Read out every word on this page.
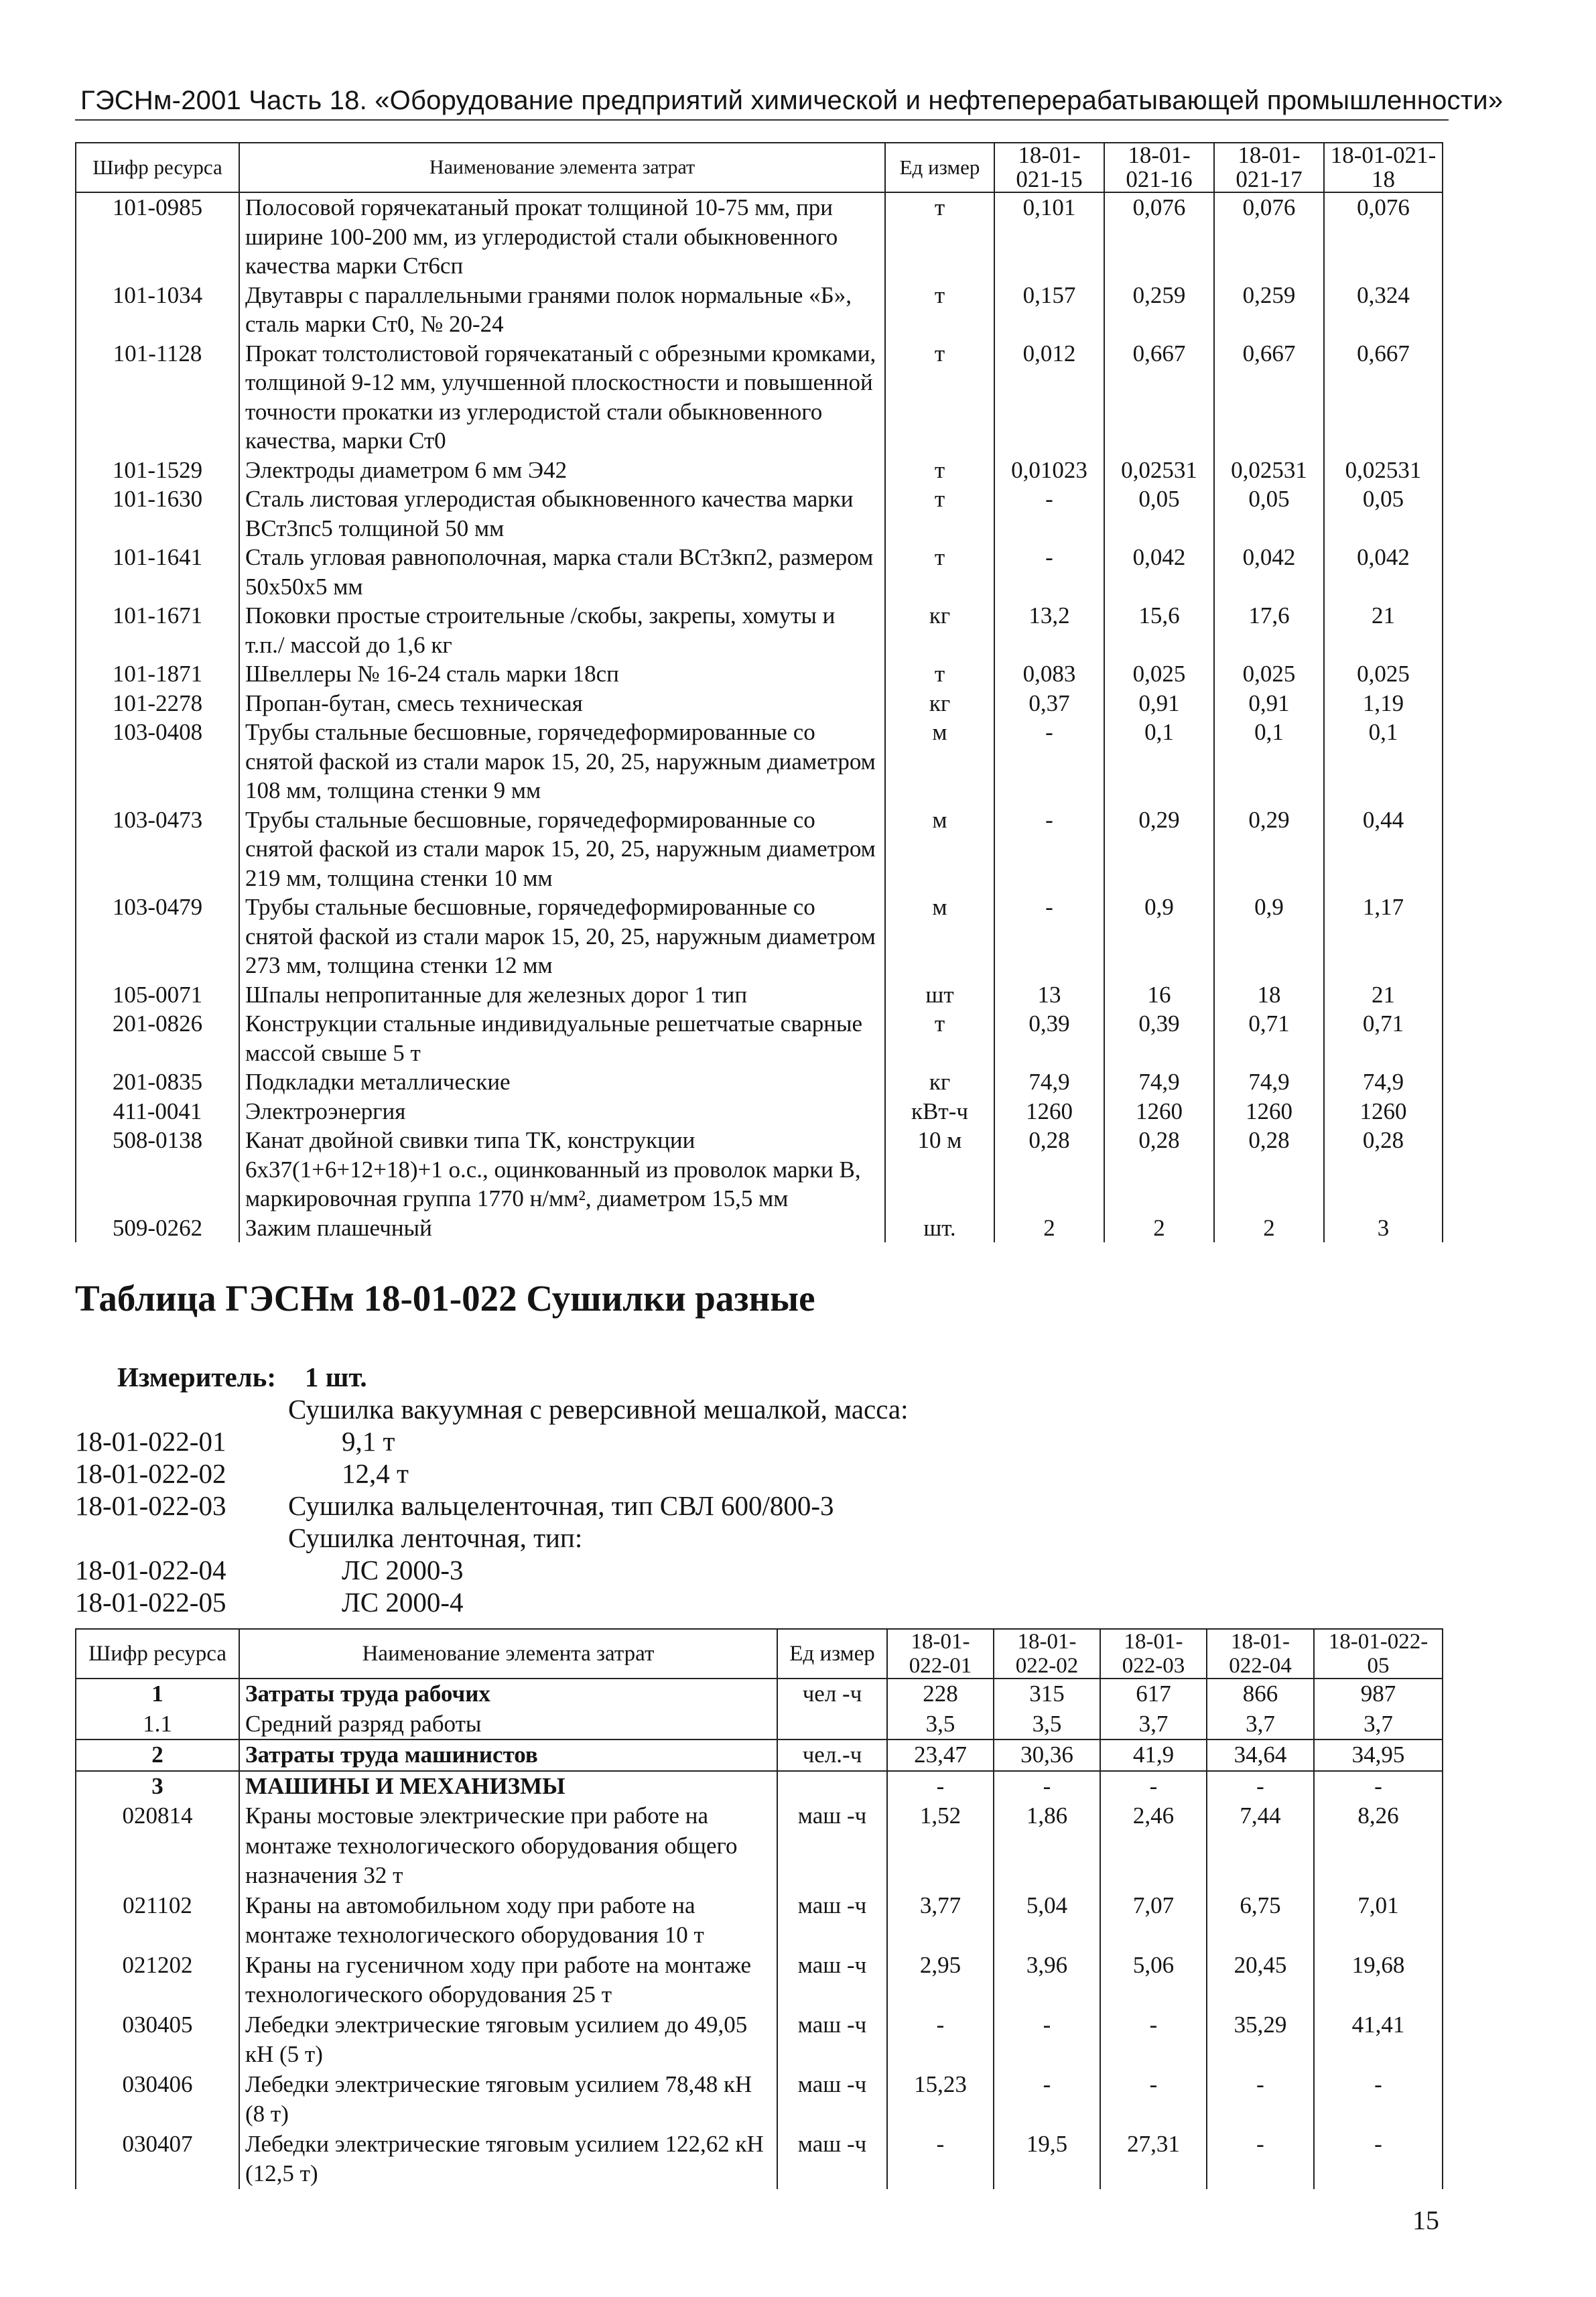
ГЭСНм-2001 Часть 18. «Оборудование предприятий химической и нефтеперерабатывающей промышленности»
Шифр ресурса	Наименование элемента затрат	Ед измер	18-01-021-15	18-01-021-16	18-01-021-17	18-01-021-18
101-0985	Полосовой горячекатаный прокат толщиной 10-75 мм, при ширине 100-200 мм, из углеродистой стали обыкновенного качества марки Ст6сп	т	0,101	0,076	0,076	0,076
101-1034	Двутавры с параллельными гранями полок нормальные «Б», сталь марки Ст0, № 20-24	т	0,157	0,259	0,259	0,324
101-1128	Прокат толстолистовой горячекатаный с обрезными кромками, толщиной 9-12 мм, улучшенной плоскостности и повышенной точности прокатки из углеродистой стали обыкновенного качества, марки Ст0	т	0,012	0,667	0,667	0,667
101-1529	Электроды диаметром 6 мм Э42	т	0,01023	0,02531	0,02531	0,02531
101-1630	Сталь листовая углеродистая обыкновенного качества марки ВСт3пс5 толщиной 50 мм	т	-	0,05	0,05	0,05
101-1641	Сталь угловая равнополочная, марка стали ВСт3кп2, размером 50х50х5 мм	т	-	0,042	0,042	0,042
101-1671	Поковки простые строительные /скобы, закрепы, хомуты и т.п./ массой до 1,6 кг	кг	13,2	15,6	17,6	21
101-1871	Швеллеры № 16-24 сталь марки 18сп	т	0,083	0,025	0,025	0,025
101-2278	Пропан-бутан, смесь техническая	кг	0,37	0,91	0,91	1,19
103-0408	Трубы стальные бесшовные, горячедеформированные со снятой фаской из стали марок 15, 20, 25, наружным диаметром 108 мм, толщина стенки 9 мм	м	-	0,1	0,1	0,1
103-0473	Трубы стальные бесшовные, горячедеформированные со снятой фаской из стали марок 15, 20, 25, наружным диаметром 219 мм, толщина стенки 10 мм	м	-	0,29	0,29	0,44
103-0479	Трубы стальные бесшовные, горячедеформированные со снятой фаской из стали марок 15, 20, 25, наружным диаметром 273 мм, толщина стенки 12 мм	м	-	0,9	0,9	1,17
105-0071	Шпалы непропитанные для железных дорог 1 тип	шт	13	16	18	21
201-0826	Конструкции стальные индивидуальные решетчатые сварные массой свыше 5 т	т	0,39	0,39	0,71	0,71
201-0835	Подкладки металлические	кг	74,9	74,9	74,9	74,9
411-0041	Электроэнергия	кВт-ч	1260	1260	1260	1260
508-0138	Канат двойной свивки типа ТК, конструкции 6х37(1+6+12+18)+1 о.с., оцинкованный из проволок марки В, маркировочная группа 1770 н/мм², диаметром 15,5 мм	10 м	0,28	0,28	0,28	0,28
509-0262	Зажим плашечный	шт.	2	2	2	3
Таблица ГЭСНм 18-01-022 Сушилки разные
Измеритель: 1 шт.
Сушилка вакуумная с реверсивной мешалкой, масса:
18-01-022-01	9,1 т
18-01-022-02	12,4 т
18-01-022-03 Сушилка вальцеленточная, тип СВЛ 600/800-3
Сушилка ленточная, тип:
18-01-022-04	ЛС 2000-3
18-01-022-05	ЛС 2000-4
Шифр ресурса	Наименование элемента затрат	Ед измер	18-01-022-01	18-01-022-02	18-01-022-03	18-01-022-04	18-01-022-05
1	Затраты труда рабочих	чел -ч	228	315	617	866	987
1.1	Средний разряд работы		3,5	3,5	3,7	3,7	3,7
2	Затраты труда машинистов	чел.-ч	23,47	30,36	41,9	34,64	34,95
3	МАШИНЫ И МЕХАНИЗМЫ		-	-	-	-	-
020814	Краны мостовые электрические при работе на монтаже технологического оборудования общего назначения 32 т	маш -ч	1,52	1,86	2,46	7,44	8,26
021102	Краны на автомобильном ходу при работе на монтаже технологического оборудования 10 т	маш -ч	3,77	5,04	7,07	6,75	7,01
021202	Краны на гусеничном ходу при работе на монтаже технологического оборудования 25 т	маш -ч	2,95	3,96	5,06	20,45	19,68
030405	Лебедки электрические тяговым усилием до 49,05 кН (5 т)	маш -ч	-	-	-	35,29	41,41
030406	Лебедки электрические тяговым усилием 78,48 кН (8 т)	маш -ч	15,23	-	-	-	-
030407	Лебедки электрические тяговым усилием 122,62 кН (12,5 т)	маш -ч	-	19,5	27,31	-	-
15
